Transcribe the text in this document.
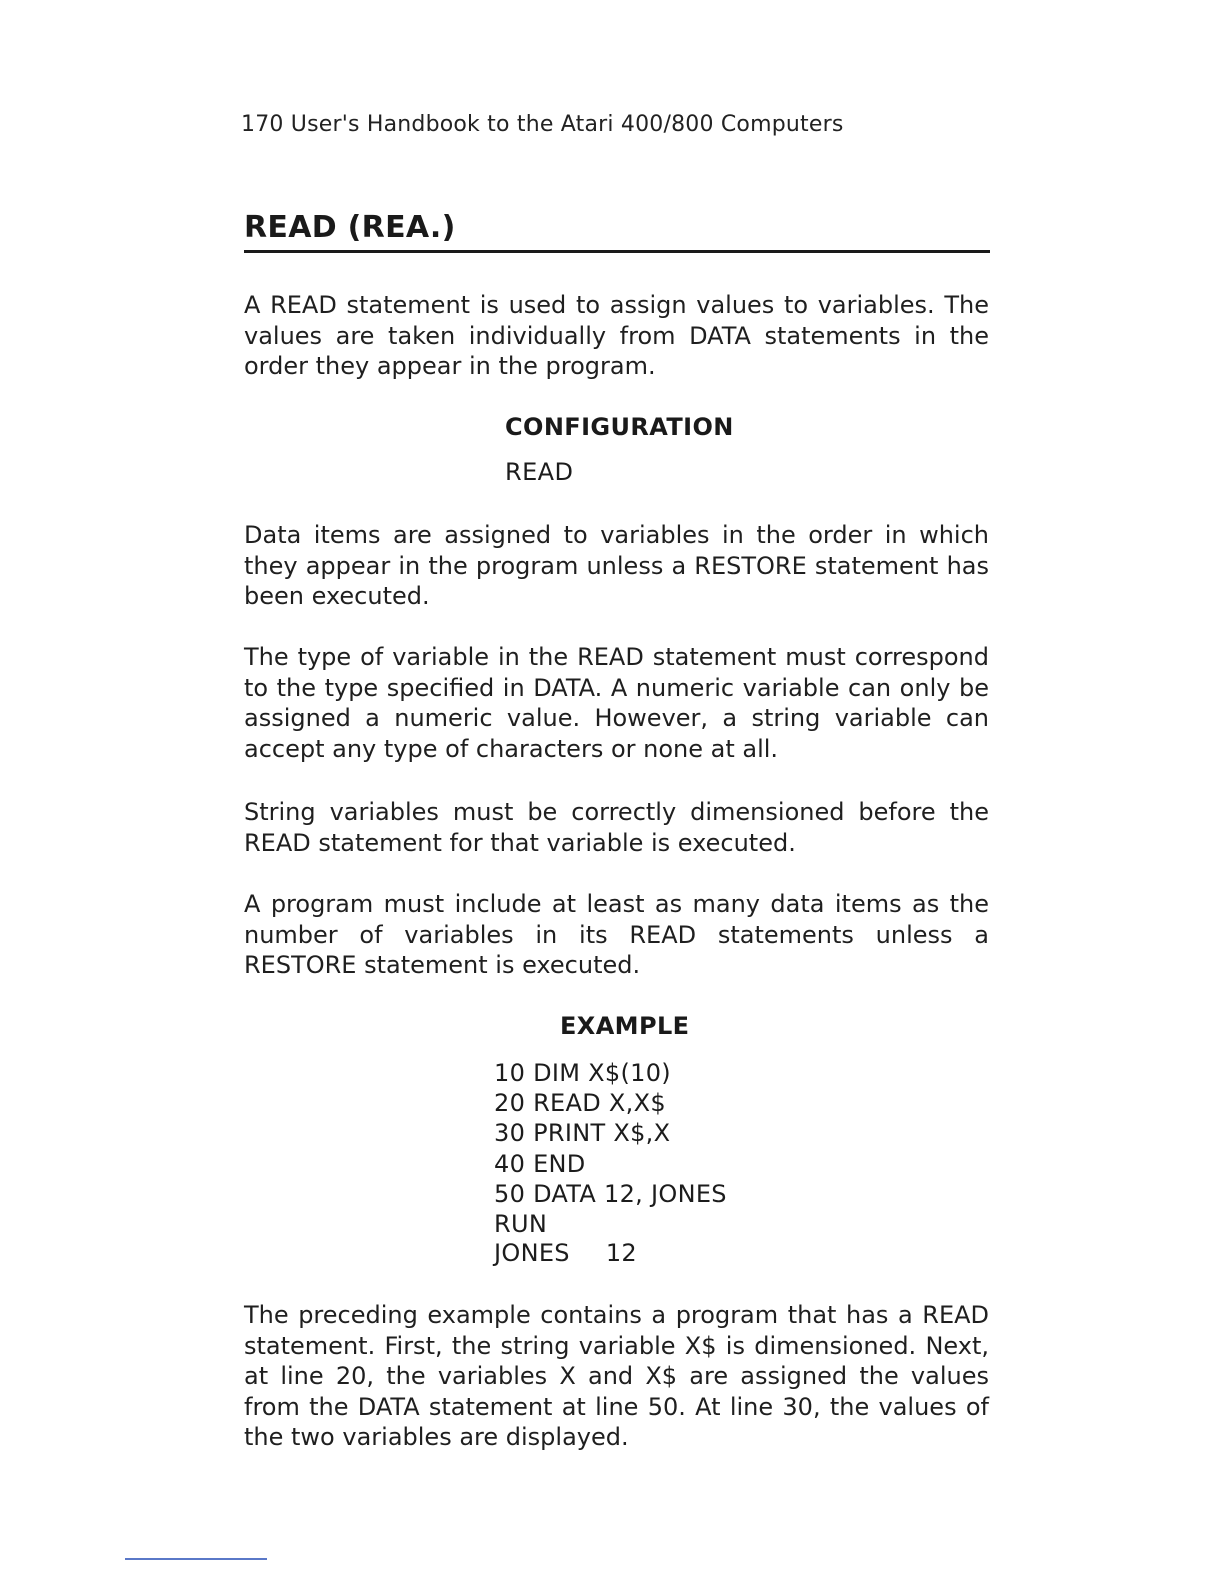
170 User's Handbook to the Atari 400/800 Computers
READ (REA.)

A READ statement is used to assign values to variables. The values are taken individually from DATA statements in the order they appear in the program.

CONFIGURATION
READ

Data items are assigned to variables in the order in which they appear in the program unless a RESTORE statement has been executed.

The type of variable in the READ statement must correspond to the type specified in DATA. A numeric variable can only be assigned a numeric value. However, a string variable can accept any type of characters or none at all.

String variables must be correctly dimensioned before the READ statement for that variable is executed.

A program must include at least as many data items as the number of variables in its READ statements unless a RESTORE statement is executed.

EXAMPLE
10 DIM X$(10)
20 READ X,X$
30 PRINT X$,X
40 END
50 DATA 12, JONES
RUN
JONES 12

The preceding example contains a program that has a READ statement. First, the string variable X$ is dimensioned. Next, at line 20, the variables X and X$ are assigned the values from the DATA statement at line 50. At line 30, the values of the two variables are displayed.
